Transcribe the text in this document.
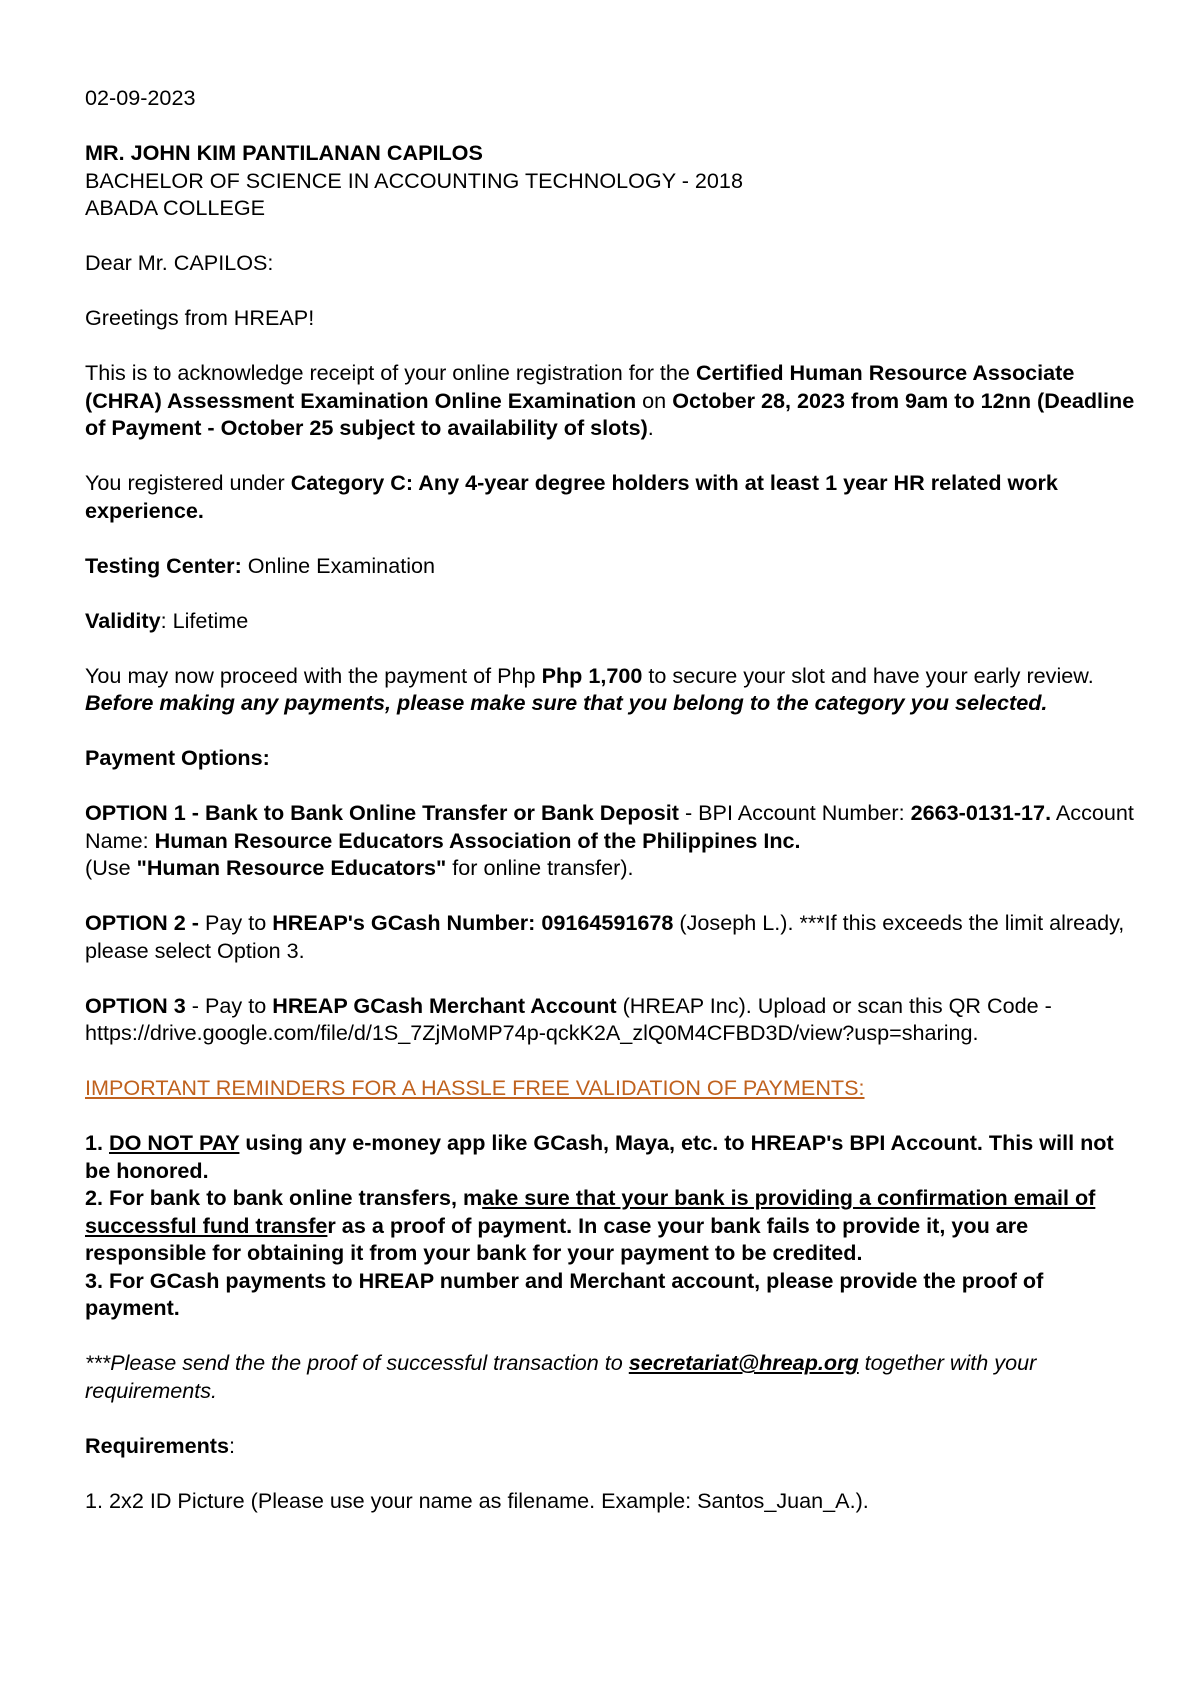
02-09-2023

MR. JOHN KIM PANTILANAN CAPILOS
BACHELOR OF SCIENCE IN ACCOUNTING TECHNOLOGY - 2018
ABADA COLLEGE

Dear Mr. CAPILOS:

Greetings from HREAP!

This is to acknowledge receipt of your online registration for the Certified Human Resource Associate (CHRA) Assessment Examination Online Examination on October 28, 2023 from 9am to 12nn (Deadline of Payment - October 25 subject to availability of slots).

You registered under Category C: Any 4-year degree holders with at least 1 year HR related work experience.

Testing Center: Online Examination

Validity: Lifetime

You may now proceed with the payment of Php Php 1,700 to secure your slot and have your early review. Before making any payments, please make sure that you belong to the category you selected.

Payment Options:

OPTION 1 - Bank to Bank Online Transfer or Bank Deposit - BPI Account Number: 2663-0131-17. Account Name: Human Resource Educators Association of the Philippines Inc.
(Use "Human Resource Educators" for online transfer).

OPTION 2 - Pay to HREAP's GCash Number: 09164591678 (Joseph L.). ***If this exceeds the limit already, please select Option 3.

OPTION 3 - Pay to HREAP GCash Merchant Account (HREAP Inc). Upload or scan this QR Code - https://drive.google.com/file/d/1S_7ZjMoMP74p-qckK2A_zlQ0M4CFBD3D/view?usp=sharing.

IMPORTANT REMINDERS FOR A HASSLE FREE VALIDATION OF PAYMENTS:

1. DO NOT PAY using any e-money app like GCash, Maya, etc. to HREAP's BPI Account. This will not be honored.
2. For bank to bank online transfers, make sure that your bank is providing a confirmation email of successful fund transfer as a proof of payment. In case your bank fails to provide it, you are responsible for obtaining it from your bank for your payment to be credited.
3. For GCash payments to HREAP number and Merchant account, please provide the proof of payment.

***Please send the the proof of successful transaction to secretariat@hreap.org together with your requirements.

Requirements:

1. 2x2 ID Picture (Please use your name as filename. Example: Santos_Juan_A.).
